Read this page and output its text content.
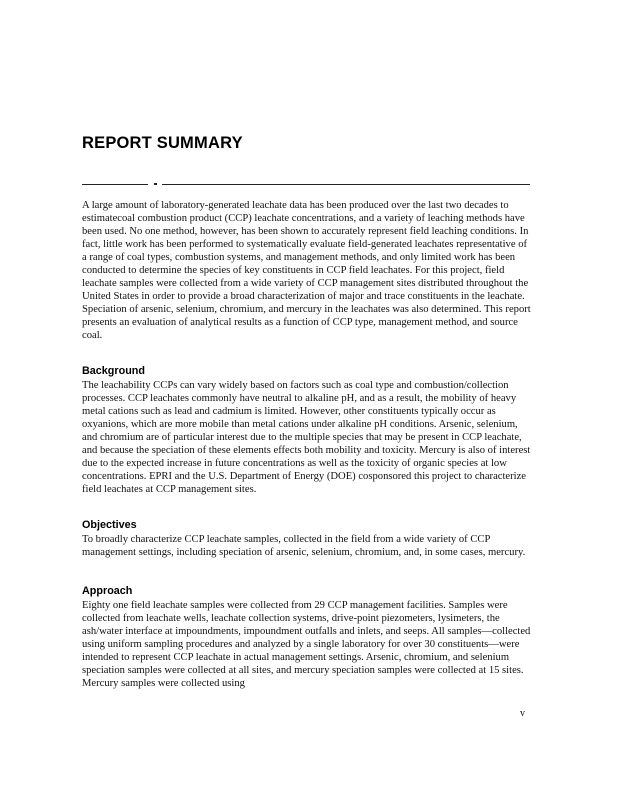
REPORT SUMMARY

A large amount of laboratory-generated leachate data has been produced over the last two decades to estimatecoal combustion product (CCP) leachate concentrations, and a variety of leaching methods have been used. No one method, however, has been shown to accurately represent field leaching conditions. In fact, little work has been performed to systematically evaluate field-generated leachates representative of a range of coal types, combustion systems, and management methods, and only limited work has been conducted to determine the species of key constituents in CCP field leachates. For this project, field leachate samples were collected from a wide variety of CCP management sites distributed throughout the United States in order to provide a broad characterization of major and trace constituents in the leachate. Speciation of arsenic, selenium, chromium, and mercury in the leachates was also determined. This report presents an evaluation of analytical results as a function of CCP type, management method, and source coal.

Background

The leachability CCPs can vary widely based on factors such as coal type and combustion/collection processes. CCP leachates commonly have neutral to alkaline pH, and as a result, the mobility of heavy metal cations such as lead and cadmium is limited. However, other constituents typically occur as oxyanions, which are more mobile than metal cations under alkaline pH conditions. Arsenic, selenium, and chromium are of particular interest due to the multiple species that may be present in CCP leachate, and because the speciation of these elements effects both mobility and toxicity. Mercury is also of interest due to the expected increase in future concentrations as well as the toxicity of organic species at low concentrations. EPRI and the U.S. Department of Energy (DOE) cosponsored this project to characterize field leachates at CCP management sites.

Objectives

To broadly characterize CCP leachate samples, collected in the field from a wide variety of CCP management settings, including speciation of arsenic, selenium, chromium, and, in some cases, mercury.

Approach

Eighty one field leachate samples were collected from 29 CCP management facilities. Samples were collected from leachate wells, leachate collection systems, drive-point piezometers, lysimeters, the ash/water interface at impoundments, impoundment outfalls and inlets, and seeps. All samples—collected using uniform sampling procedures and analyzed by a single laboratory for over 30 constituents—were intended to represent CCP leachate in actual management settings. Arsenic, chromium, and selenium speciation samples were collected at all sites, and mercury speciation samples were collected at 15 sites. Mercury samples were collected using

v
